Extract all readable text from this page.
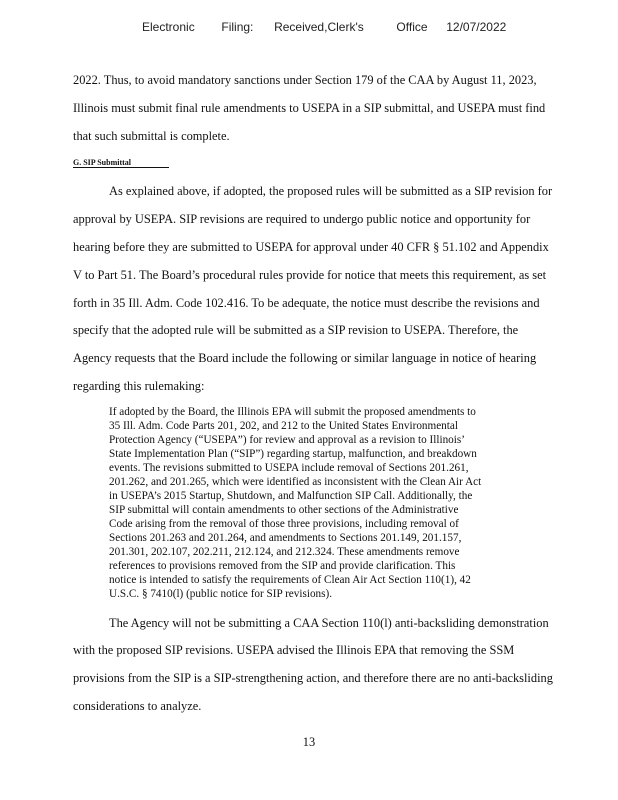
Electronic Filing: Received,Clerk's	Office 12/07/2022
2022. Thus, to avoid mandatory sanctions under Section 179 of the CAA by August 11, 2023,
Illinois must submit final rule amendments to USEPA in a SIP submittal, and USEPA must find
that such submittal is complete.
G. SIP Submittal
As explained above, if adopted, the proposed rules will be submitted as a SIP revision for
approval by USEPA. SIP revisions are required to undergo public notice and opportunity for
hearing before they are submitted to USEPA for approval under 40 CFR § 51.102 and Appendix
V to Part 51. The Board’s procedural rules provide for notice that meets this requirement, as set
forth in 35 Ill. Adm. Code 102.416. To be adequate, the notice must describe the revisions and
specify that the adopted rule will be submitted as a SIP revision to USEPA. Therefore, the
Agency requests that the Board include the following or similar language in notice of hearing
regarding this rulemaking:
If adopted by the Board, the Illinois EPA will submit the proposed amendments to
35 Ill. Adm. Code Parts 201, 202, and 212 to the United States Environmental
Protection Agency (“USEPA”) for review and approval as a revision to Illinois’
State Implementation Plan (“SIP”) regarding startup, malfunction, and breakdown
events. The revisions submitted to USEPA include removal of Sections 201.261,
201.262, and 201.265, which were identified as inconsistent with the Clean Air Act
in USEPA’s 2015 Startup, Shutdown, and Malfunction SIP Call. Additionally, the
SIP submittal will contain amendments to other sections of the Administrative
Code arising from the removal of those three provisions, including removal of
Sections 201.263 and 201.264, and amendments to Sections 201.149, 201.157,
201.301, 202.107, 202.211, 212.124, and 212.324. These amendments remove
references to provisions removed from the SIP and provide clarification. This
notice is intended to satisfy the requirements of Clean Air Act Section 110(1), 42
U.S.C. § 7410(l) (public notice for SIP revisions).
The Agency will not be submitting a CAA Section 110(l) anti-backsliding demonstration
with the proposed SIP revisions. USEPA advised the Illinois EPA that removing the SSM
provisions from the SIP is a SIP-strengthening action, and therefore there are no anti-backsliding
considerations to analyze.
13
